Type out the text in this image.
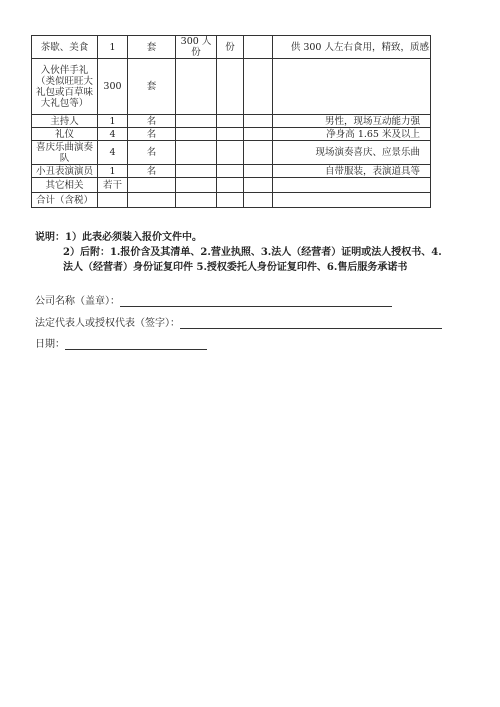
茶歇、美食	1	套	300 人份	份		供 300 人左右食用，精致，质感
入伙伴手礼（类似旺旺大礼包或百草味大礼包等）	300	套				
主持人	1	名				男性，现场互动能力强
礼仪	4	名				净身高 1.65 米及以上
喜庆乐曲演奏队	4	名				现场演奏喜庆、应景乐曲
小丑表演演员	1	名				自带服装，表演道具等
其它相关	若干					
合计（含税）						
说明：1）此表必须装入报价文件中。
2）后附：1.报价含及其清单、2.营业执照、3.法人（经营者）证明或法人授权书、4. 法人（经营者）身份证复印件 5.授权委托人身份证复印件、6.售后服务承诺书
公司名称（盖章）：
法定代表人或授权代表（签字）：
日期：
